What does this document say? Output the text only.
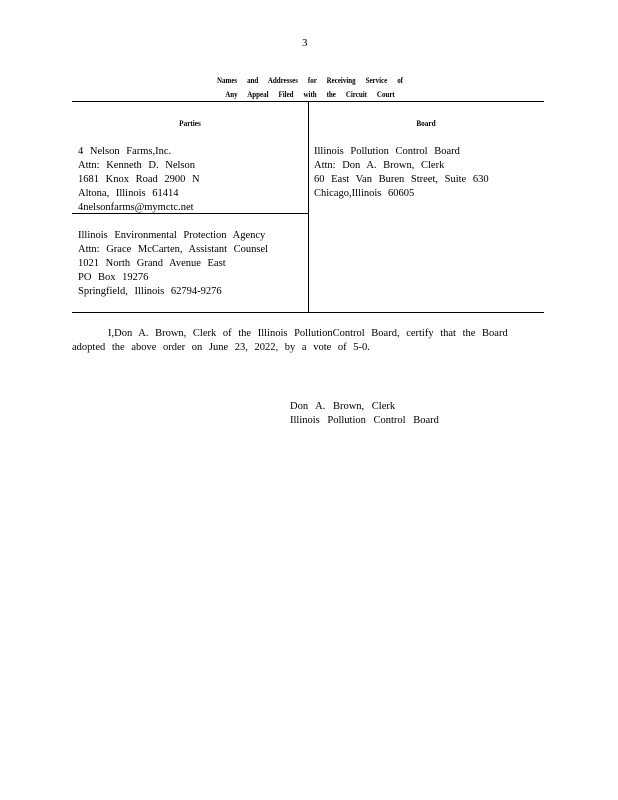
3
Names and Addresses for Receiving Service of
Any Appeal Filed with the Circuit Court
Parties	Board
4 Nelson Farms,Inc.
Attn: Kenneth D. Nelson
1681 Knox Road 2900 N
Altona, Illinois 61414
4nelsonfarms@mymctc.net
Illinois Pollution Control Board
Attn: Don A. Brown, Clerk
60 East Van Buren Street, Suite 630
Chicago,Illinois 60605
Illinois Environmental Protection Agency
Attn: Grace McCarten, Assistant Counsel
1021 North Grand Avenue East
PO Box 19276
Springfield, Illinois 62794-9276
I,Don A. Brown, Clerk of the Illinois PollutionControl Board, certify that the Board adopted the above order on June 23, 2022, by a vote of 5-0.
Don A. Brown, Clerk
Illinois Pollution Control Board
